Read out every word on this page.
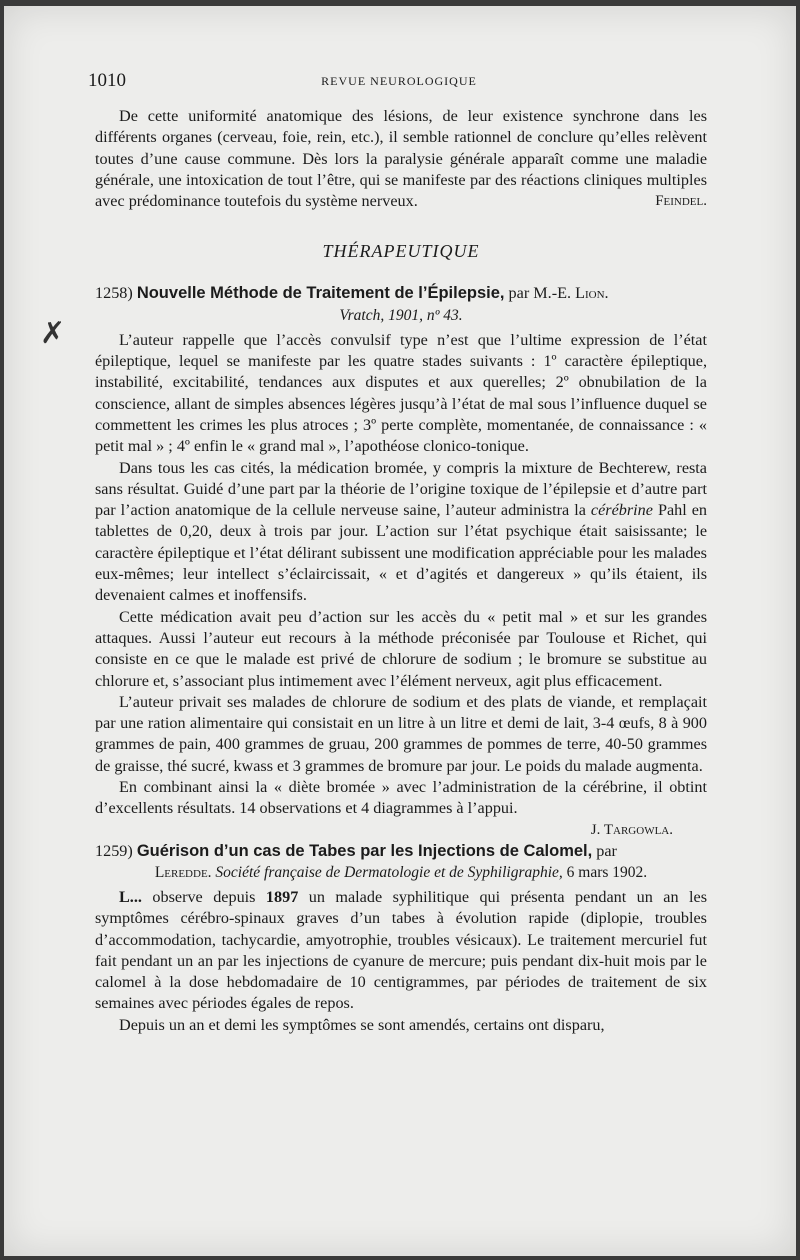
1010	REVUE NEUROLOGIQUE
✗

De cette uniformité anatomique des lésions, de leur existence synchrone dans les différents organes (cerveau, foie, rein, etc.), il semble rationnel de conclure qu’elles relèvent toutes d’une cause commune. Dès lors la paralysie générale apparaît comme une maladie générale, une intoxication de tout l’être, qui se manifeste par des réactions cliniques multiples avec prédominance toutefois du système nerveux.	Feindel.
THÉRAPEUTIQUE
1258) Nouvelle Méthode de Traitement de l’Épilepsie, par M.-E. Lion.
Vratch, 1901, nº 43.

L’auteur rappelle que l’accès convulsif type n’est que l’ultime expression de l’état épileptique, lequel se manifeste par les quatre stades suivants : 1º caractère épileptique, instabilité, excitabilité, tendances aux disputes et aux querelles; 2º obnubilation de la conscience, allant de simples absences légères jusqu’à l’état de mal sous l’influence duquel se commettent les crimes les plus atroces ; 3º perte complète, momentanée, de connaissance : « petit mal » ; 4º enfin le « grand mal », l’apothéose clonico-tonique.

Dans tous les cas cités, la médication bromée, y compris la mixture de Bechterew, resta sans résultat. Guidé d’une part par la théorie de l’origine toxique de l’épilepsie et d’autre part par l’action anatomique de la cellule nerveuse saine, l’auteur administra la cérébrine Pahl en tablettes de 0,20, deux à trois par jour. L’action sur l’état psychique était saisissante; le caractère épileptique et l’état délirant subissent une modification appréciable pour les malades eux-mêmes; leur intellect s’éclaircissait, « et d’agités et dangereux » qu’ils étaient, ils devenaient calmes et inoffensifs.

Cette médication avait peu d’action sur les accès du « petit mal » et sur les grandes attaques. Aussi l’auteur eut recours à la méthode préconisée par Toulouse et Richet, qui consiste en ce que le malade est privé de chlorure de sodium ; le bromure se substitue au chlorure et, s’associant plus intimement avec l’élément nerveux, agit plus efficacement.

L’auteur privait ses malades de chlorure de sodium et des plats de viande, et remplaçait par une ration alimentaire qui consistait en un litre à un litre et demi de lait, 3-4 œufs, 8 à 900 grammes de pain, 400 grammes de gruau, 200 grammes de pommes de terre, 40-50 grammes de graisse, thé sucré, kwass et 3 grammes de bromure par jour. Le poids du malade augmenta.

En combinant ainsi la « diète bromée » avec l’administration de la cérébrine, il obtint d’excellents résultats. 14 observations et 4 diagrammes à l’appui.

J. Targowla.
1259) Guérison d’un cas de Tabes par les Injections de Calomel, par
Leredde. Société française de Dermatologie et de Syphiligraphie, 6 mars 1902.

L... observe depuis 1897 un malade syphilitique qui présenta pendant un an les symptômes cérébro-spinaux graves d’un tabes à évolution rapide (diplopie, troubles d’accommodation, tachycardie, amyotrophie, troubles vésicaux). Le traitement mercuriel fut fait pendant un an par les injections de cyanure de mercure; puis pendant dix-huit mois par le calomel à la dose hebdomadaire de 10 centigrammes, par périodes de traitement de six semaines avec périodes égales de repos.

Depuis un an et demi les symptômes se sont amendés, certains ont disparu,
